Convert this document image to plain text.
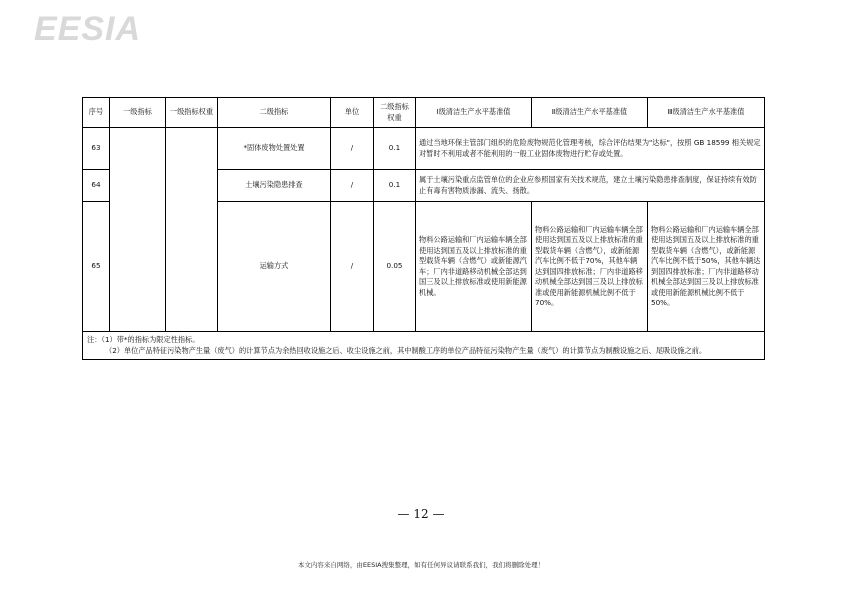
EESIA
序号	一级指标	一级指标权重	二级指标	单位	二级指标权重	Ⅰ级清洁生产水平基准值	Ⅱ级清洁生产水平基准值	Ⅲ级清洁生产水平基准值
63			*固体废物处置处置	/	0.1	通过当地环保主管部门组织的危险废物规范化管理考核，综合评估结果为"达标"，按照 GB 18599 相关规定对暂时不利用或者不能利用的一般工业固体废物进行贮存或处置。		
64			土壤污染隐患排查	/	0.1	属于土壤污染重点监管单位的企业应参照国家有关技术规范，建立土壤污染隐患排查制度，保证持续有效防止有毒有害物质渗漏、流失、扬散。		
65			运输方式	/	0.05	物料公路运输和厂内运输车辆全部使用达到国五及以上排放标准的重型载货车辆（含燃气）或新能源汽车；厂内非道路移动机械全部达到国三及以上排放标准或使用新能源机械。	物料公路运输和厂内运输车辆全部使用达到国五及以上排放标准的重型载货车辆（含燃气），或新能源汽车比例不低于70%，其他车辆达到国四排放标准；厂内非道路移动机械全部达到国三及以上排放标准或使用新能源机械比例不低于70%。	物料公路运输和厂内运输车辆全部使用达到国五及以上排放标准的重型载货车辆（含燃气），或新能源汽车比例不低于50%，其他车辆达到国四排放标准；厂内非道路移动机械全部达到国三及以上排放标准或使用新能源机械比例不低于50%。

注：（1）带*的指标为限定性指标。
（2）单位产品特征污染物产生量（废气）的计算节点为余热回收设施之后、收尘设施之前，其中制酸工序的单位产品特征污染物产生量（废气）的计算节点为制酸设施之后、尾吸设施之前。								
— 12 —
本文内容来自网络，由EESIA搜集整理，如有任何异议请联系我们，我们将删除处理！
